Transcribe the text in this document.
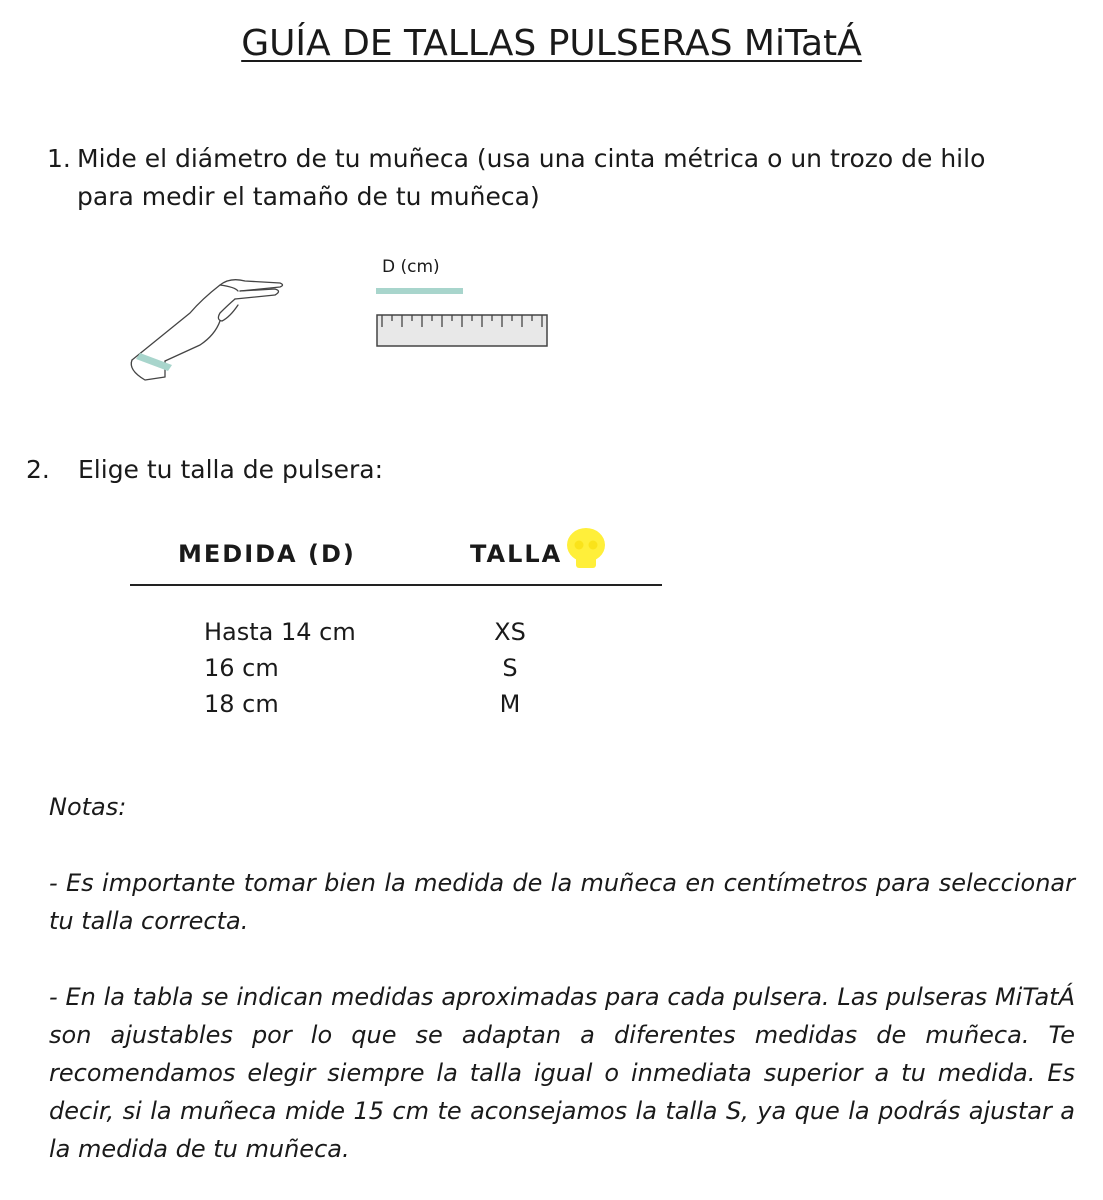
GUÍA DE TALLAS PULSERAS MiTatÁ
1. Mide el diámetro de tu muñeca (usa una cinta métrica o un trozo de hilo
para medir el tamaño de tu muñeca)
D (cm)
2. Elige tu talla de pulsera:
MEDIDA (D)	TALLA
Hasta 14 cm	XS
16 cm	S
18 cm	M
Notas:
- Es importante tomar bien la medida de la muñeca en centímetros para seleccionar tu talla correcta.
- En la tabla se indican medidas aproximadas para cada pulsera. Las pulseras MiTatÁ son ajustables por lo que se adaptan a diferentes medidas de muñeca. Te recomendamos elegir siempre la talla igual o inmediata superior a tu medida. Es decir, si la muñeca mide 15 cm te aconsejamos la talla S, ya que la podrás ajustar a la medida de tu muñeca.
